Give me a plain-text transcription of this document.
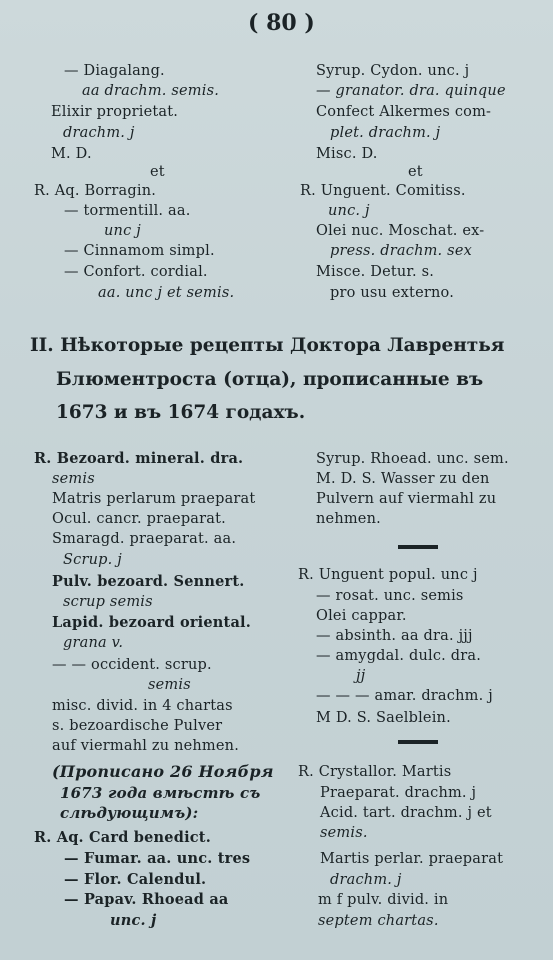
( 80 )
— Diagalang.
aa drachm. semis.
Elixir proprietat.
drachm. j
M. D.
et
R. Aq. Borragin.
— tormentill. aa.
unc j
— Cinnamom simpl.
— Confort. cordial.
aa. unc j et semis.
Syrup. Cydon. unc. j
— granator. dra. quinque
Confect Alkermes com-
plet. drachm. j
Misc. D.
et
R. Unguent. Comitiss.
unc. j
Olei nuc. Moschat. ex-
press. drachm. sex
Misce. Detur. s.
pro usu externo.
II. Нѣкоторые рецепты Доктора Лаврентья
Блюментроста (отца), прописанные въ
1673 и въ 1674 годахъ.
R. Bezoard. mineral. dra.
semis
Matris perlarum praeparat
Ocul. cancr. praeparat.
Smaragd. praeparat. aa.
Scrup. j
Pulv. bezoard. Sennert.
scrup semis
Lapid. bezoard oriental.
grana v.
— — occident. scrup.
semis
misc. divid. in 4 chartas
s. bezoardische Pulver
auf viermahl zu nehmen.
(Прописано 26 Ноября
1673 года вмѣстѣ съ
слѣдующимъ):
R. Aq. Card benedict.
— Fumar. aa. unc. tres
— Flor. Calendul.
— Papav. Rhoead aa
unc. j
Syrup. Rhoead. unc. sem.
M. D. S. Wasser zu den
Pulvern auf viermahl zu
nehmen.
R. Unguent popul. unc j
— rosat. unc. semis
Olei cappar.
— absinth. aa dra. jjj
— amygdal. dulc. dra.
jj
— — — amar. drachm. j
M D. S. Saelblein.
R. Crystallor. Martis
Praeparat. drachm. j
Acid. tart. drachm. j et
semis.
Martis perlar. praeparat
drachm. j
m f pulv. divid. in
septem chartas.
